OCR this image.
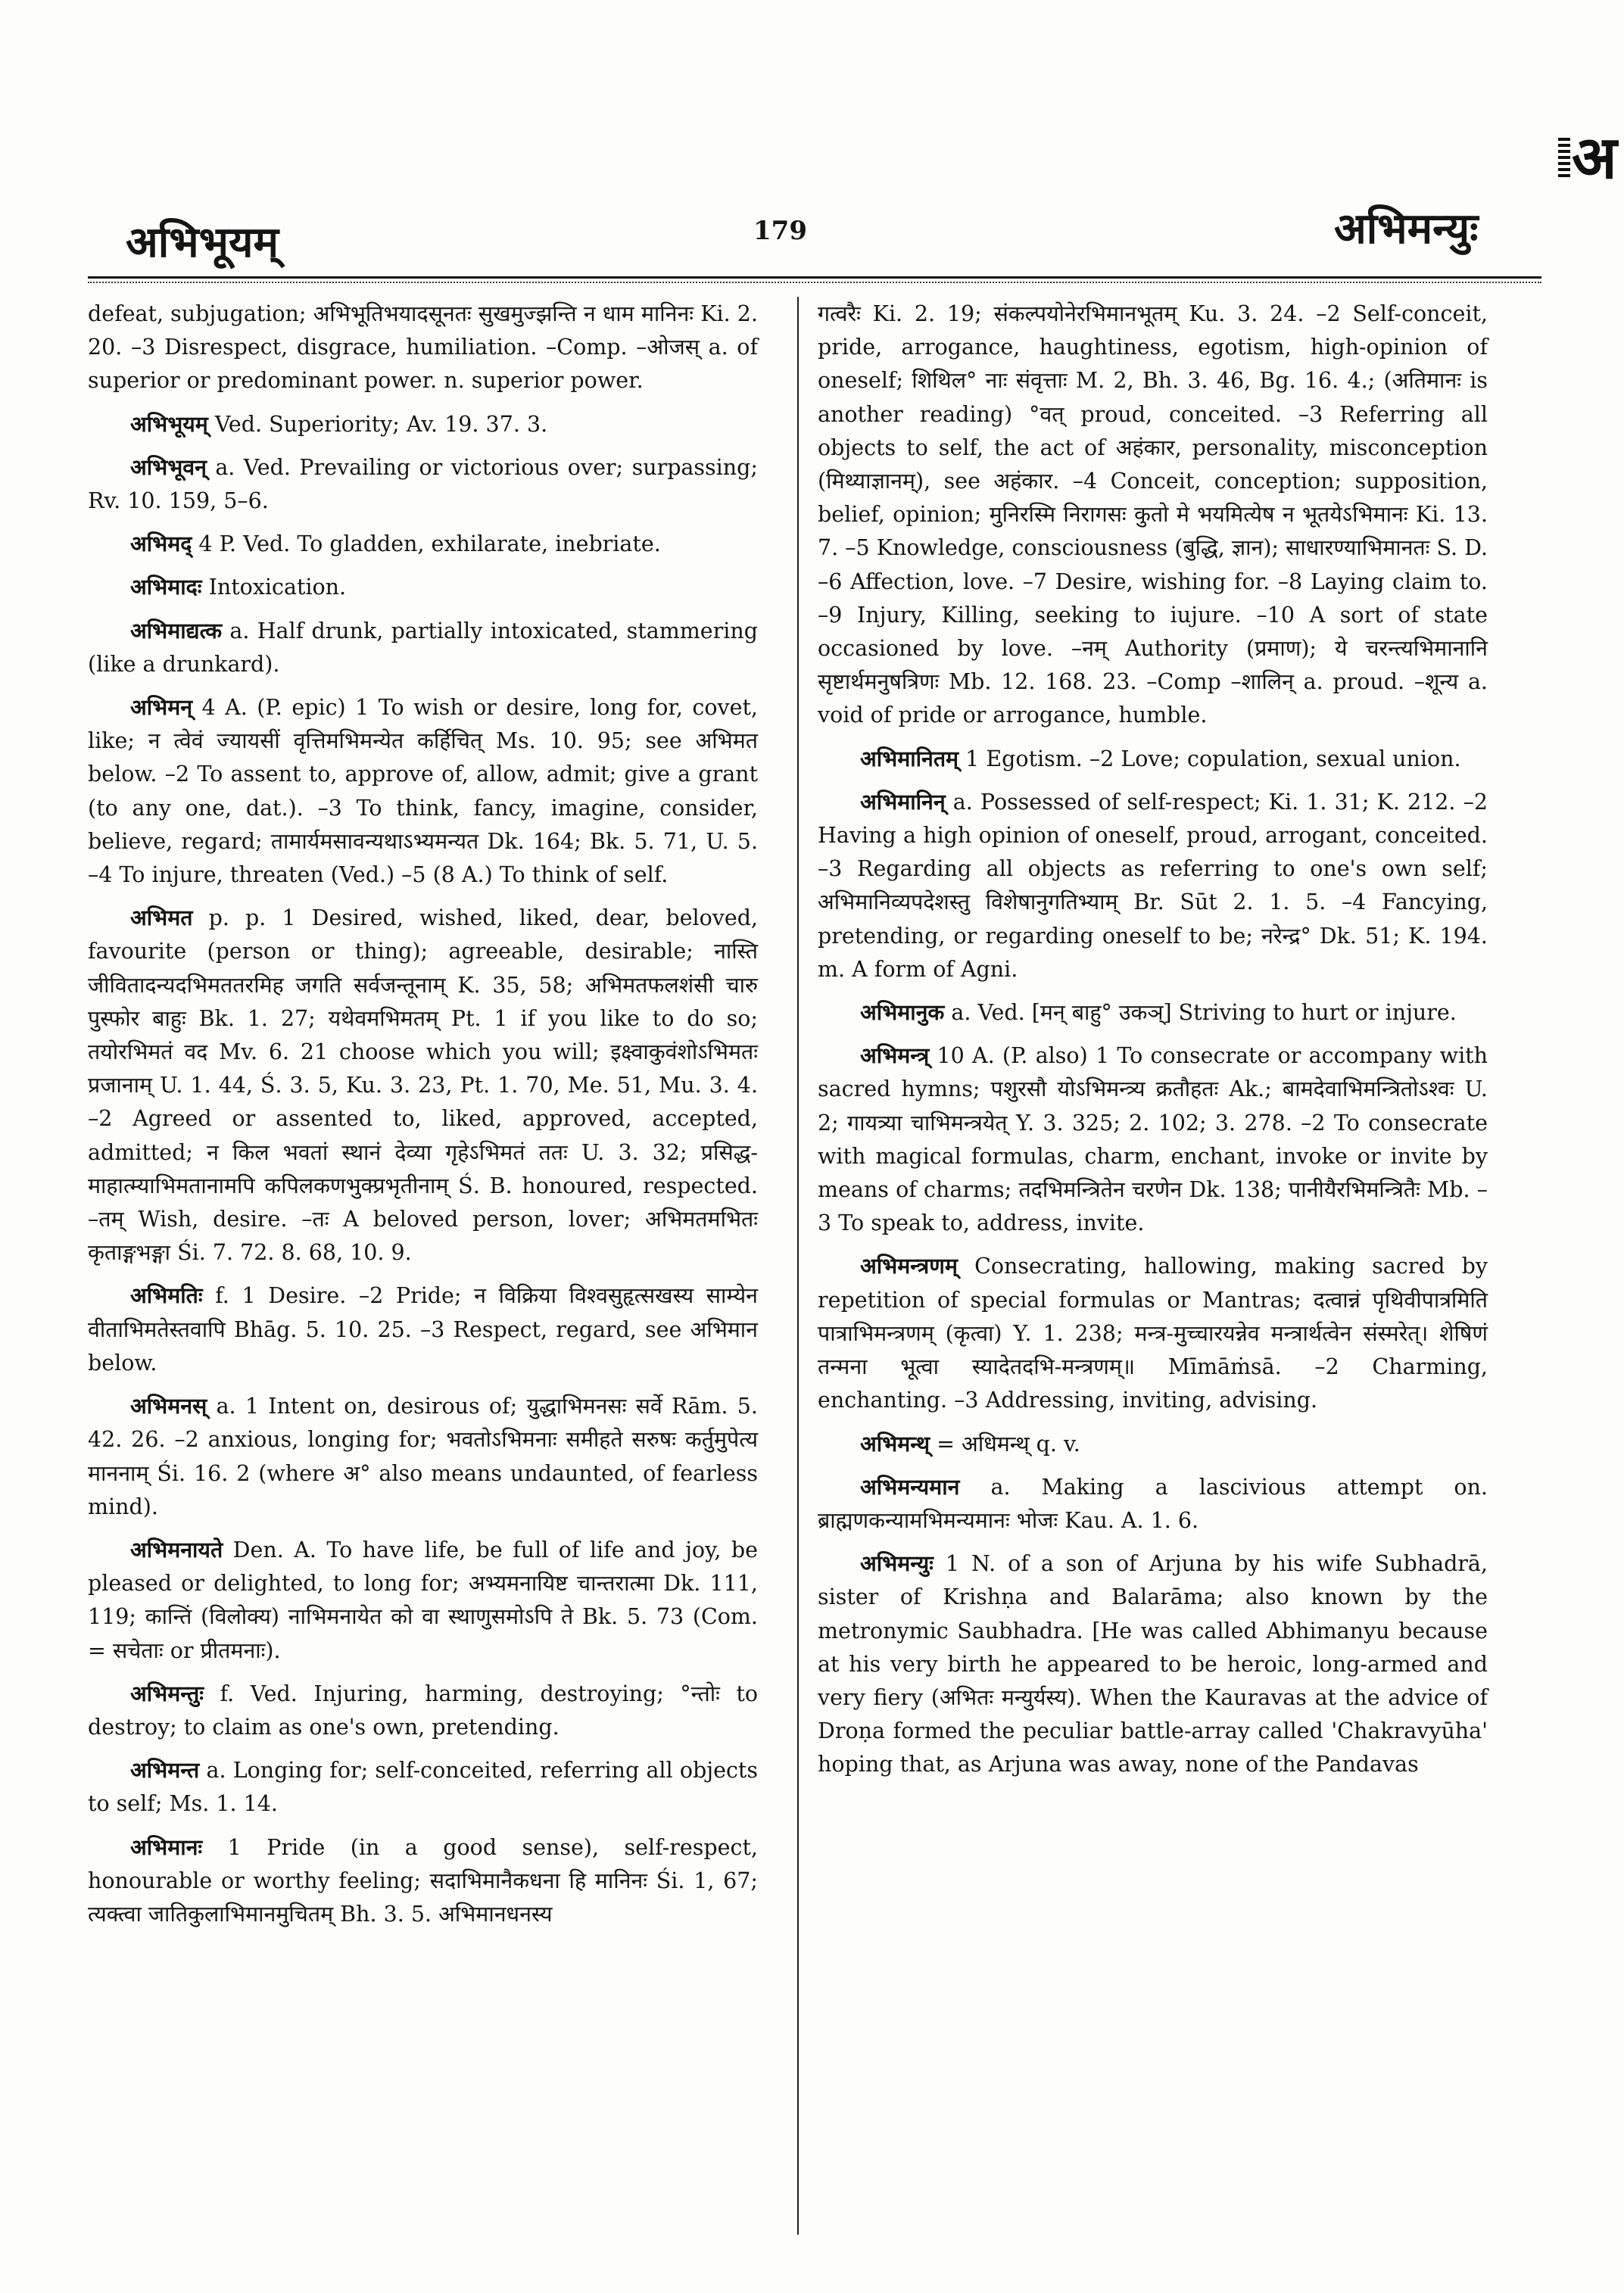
अ
अभिभूयम्	179	अभिमन्युः

defeat, subjugation; अभिभूतिभयादसूनतः सुखमुज्झन्ति न धाम मानिनः Ki. 2. 20. –3 Disrespect, disgrace, humiliation. –Comp. –ओजस् a. of superior or predominant power. n. superior power.

अभिभूयम् Ved. Superiority; Av. 19. 37. 3.

अभिभूवन् a. Ved. Prevailing or victorious over; surpassing; Rv. 10. 159, 5–6.

अभिमद् 4 P. Ved. To gladden, exhilarate, inebriate.

अभिमादः Intoxication.

अभिमाद्यत्क a. Half drunk, partially intoxicated, stammering (like a drunkard).

अभिमन् 4 A. (P. epic) 1 To wish or desire, long for, covet, like; न त्वेवं ज्यायसीं वृत्तिमभिमन्येत कर्हिचित् Ms. 10. 95; see अभिमत below. –2 To assent to, approve of, allow, admit; give a grant (to any one, dat.). –3 To think, fancy, imagine, consider, believe, regard; तामार्यमसावन्यथाऽभ्यमन्यत Dk. 164; Bk. 5. 71, U. 5. –4 To injure, threaten (Ved.) –5 (8 A.) To think of self.

अभिमत p. p. 1 Desired, wished, liked, dear, beloved, favourite (person or thing); agreeable, desirable; नास्ति जीवितादन्यदभिमततरमिह जगति सर्वजन्तूनाम् K. 35, 58; अभिमतफलशंसी चारु पुस्फोर बाहुः Bk. 1. 27; यथेवमभिमतम् Pt. 1 if you like to do so; तयोरभिमतं वद Mv. 6. 21 choose which you will; इक्ष्वाकुवंशोऽभिमतः प्रजानाम् U. 1. 44, Ś. 3. 5, Ku. 3. 23, Pt. 1. 70, Me. 51, Mu. 3. 4. –2 Agreed or assented to, liked, approved, accepted, admitted; न किल भवतां स्थानं देव्या गृहेऽभिमतं ततः U. 3. 32; प्रसिद्ध-माहात्म्याभिमतानामपि कपिलकणभुक्प्रभृतीनाम् Ś. B. honoured, respected. –तम् Wish, desire. –तः A beloved person, lover; अभिमतमभितः कृताङ्गभङ्गा Śi. 7. 72. 8. 68, 10. 9.

अभिमतिः f. 1 Desire. –2 Pride; न विक्रिया विश्वसुहृत्सखस्य साम्येन वीताभिमतेस्तवापि Bhāg. 5. 10. 25. –3 Respect, regard, see अभिमान below.

अभिमनस् a. 1 Intent on, desirous of; युद्धाभिमनसः सर्वे Rām. 5. 42. 26. –2 anxious, longing for; भवतोऽभिमनाः समीहते सरुषः कर्तुमुपेत्य माननाम् Śi. 16. 2 (where अ° also means undaunted, of fearless mind).

अभिमनायते Den. A. To have life, be full of life and joy, be pleased or delighted, to long for; अभ्यमनायिष्ट चान्तरात्मा Dk. 111, 119; कान्तिं (विलोक्य) नाभिमनायेत को वा स्थाणुसमोऽपि ते Bk. 5. 73 (Com. = सचेताः or प्रीतमनाः).

अभिमन्तुः f. Ved. Injuring, harming, destroying; °न्तोः to destroy; to claim as one's own, pretending.

अभिमन्त a. Longing for; self-conceited, referring all objects to self; Ms. 1. 14.

अभिमानः 1 Pride (in a good sense), self-respect, honourable or worthy feeling; सदाभिमानैकधना हि मानिनः Śi. 1, 67; त्यक्त्वा जातिकुलाभिमानमुचितम् Bh. 3. 5. अभिमानधनस्य

गत्वरैः Ki. 2. 19; संकल्पयोनेरभिमानभूतम् Ku. 3. 24. –2 Self-conceit, pride, arrogance, haughtiness, egotism, high-opinion of oneself; शिथिल° नाः संवृत्ताः M. 2, Bh. 3. 46, Bg. 16. 4.; (अतिमानः is another reading) °वत् proud, conceited. –3 Referring all objects to self, the act of अहंकार, personality, misconception (मिथ्याज्ञानम्), see अहंकार. –4 Conceit, conception; supposition, belief, opinion; मुनिरस्मि निरागसः कुतो मे भयमित्येष न भूतयेऽभिमानः Ki. 13. 7. –5 Knowledge, consciousness (बुद्धि, ज्ञान); साधारण्याभिमानतः S. D. –6 Affection, love. –7 Desire, wishing for. –8 Laying claim to. –9 Injury, Killing, seeking to iujure. –10 A sort of state occasioned by love. –नम् Authority (प्रमाण); ये चरन्त्यभिमानानि सृष्टार्थमनुषत्रिणः Mb. 12. 168. 23. –Comp –शालिन् a. proud. –शून्य a. void of pride or arrogance, humble.

अभिमानितम् 1 Egotism. –2 Love; copulation, sexual union.

अभिमानिन् a. Possessed of self-respect; Ki. 1. 31; K. 212. –2 Having a high opinion of oneself, proud, arrogant, conceited. –3 Regarding all objects as referring to one's own self; अभिमानिव्यपदेशस्तु विशेषानुगतिभ्याम् Br. Sūt 2. 1. 5. –4 Fancying, pretending, or regarding oneself to be; नरेन्द्र° Dk. 51; K. 194. m. A form of Agni.

अभिमानुक a. Ved. [मन् बाहु° उकञ्] Striving to hurt or injure.

अभिमन्त्र् 10 A. (P. also) 1 To consecrate or accompany with sacred hymns; पशुरसौ योऽभिमन्त्र्य क्रतौहतः Ak.; बामदेवाभिमन्त्रितोऽश्वः U. 2; गायत्र्या चाभिमन्त्रयेत् Y. 3. 325; 2. 102; 3. 278. –2 To consecrate with magical formulas, charm, enchant, invoke or invite by means of charms; तदभिमन्त्रितेन चरणेन Dk. 138; पानीयैरभिमन्त्रितैः Mb. –3 To speak to, address, invite.

अभिमन्त्रणम् Consecrating, hallowing, making sacred by repetition of special formulas or Mantras; दत्वान्नं पृथिवीपात्रमिति पात्राभिमन्त्रणम् (कृत्वा) Y. 1. 238; मन्त्र-मुच्चारयन्नेव मन्त्रार्थत्वेन संस्मरेत्। शेषिणं तन्मना भूत्वा स्यादेतदभि-मन्त्रणम्॥ Mīmāṁsā. –2 Charming, enchanting. –3 Addressing, inviting, advising.

अभिमन्थ् = अधिमन्थ् q. v.

अभिमन्यमान a. Making a lascivious attempt on. ब्राह्मणकन्यामभिमन्यमानः भोजः Kau. A. 1. 6.

अभिमन्युः 1 N. of a son of Arjuna by his wife Subhadrā, sister of Krishṇa and Balarāma; also known by the metronymic Saubhadra. [He was called Abhimanyu because at his very birth he appeared to be heroic, long-armed and very fiery (अभितः मन्युर्यस्य). When the Kauravas at the advice of Droṇa formed the peculiar battle-array called 'Chakravyūha' hoping that, as Arjuna was away, none of the Pandavas
